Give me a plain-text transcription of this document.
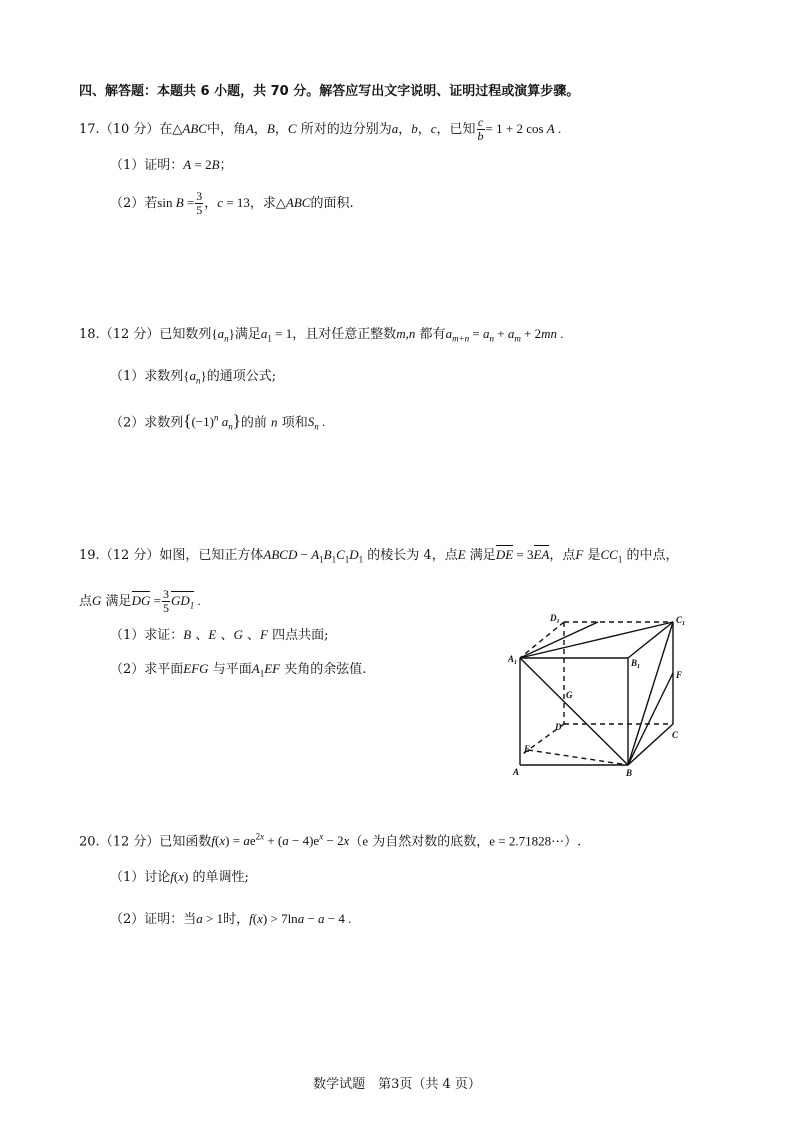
四、解答题：本题共 6 小题，共 70 分。解答应写出文字说明、证明过程或演算步骤。
17.（10 分）在△ABC中，角A，B，C 所对的边分别为a，b，c，已知 $\frac{c}{b} = 1 + 2$ cos A .
（1）证明：A = 2B；
（2）若$\sin B = \frac{3}{5}$ ，c = 13，求△ABC的面积.
18.（12 分）已知数列$\{a_n\}$满足$a_1 = 1$，且对任意正整数m,n 都有$a_{m+n} = a_n + a_m + 2mn$ .
（1）求数列$\{a_n\}$的通项公式;
（2）求数列{$(-1)^n$ $a_n$}的前 n 项和$S_n$ .
19.（12 分）如图，已知正方体ABCD − $A_1B_1C_1D_1$ 的棱长为 4，点E 满足DE = 3EA，点F 是$CC_1$ 的中点，
点G 满足DG = $\frac{3}{5} GD_1$ .
（1）求证：B 、E 、G 、F 四点共面;
（2）求平面EFG 与平面$A_1EF$ 夹角的余弦值.
$D_1$	$C_1$
$A_1$	$B_1$
F
G
D
C
E
A	B
20.（12 分）已知函数$f(x) = ae^{2x} + (a - 4)e^x - 2x(e$ 为自然对数的底数，e = 2.71828⋯）.
（1）讨论f(x) 的单调性;
（2）证明：当a > 1时，f(x) > 7lna − a − 4 .
数学试题　第3页（共 4 页）
